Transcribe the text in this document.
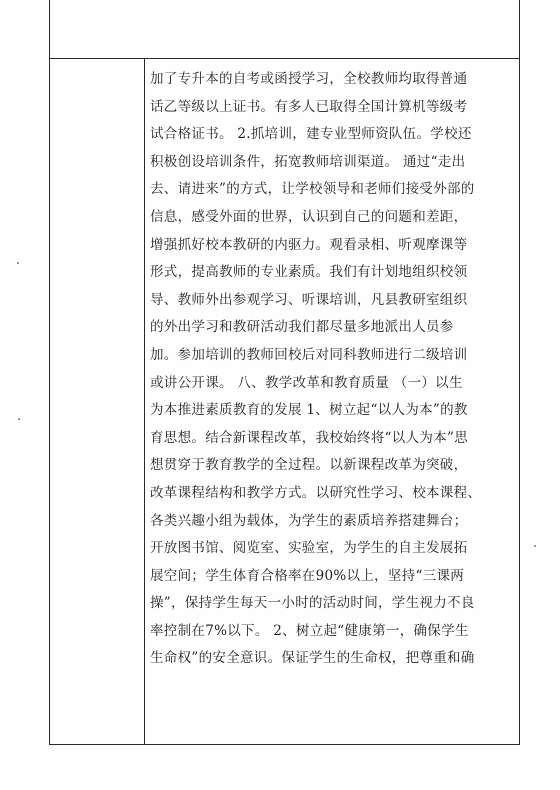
加了专升本的自考或函授学习，全校教师均取得普通
话乙等级以上证书。有多人已取得全国计算机等级考
试合格证书。 2.抓培训，建专业型师资队伍。学校还
积极创设培训条件，拓宽教师培训渠道。 通过“走出
去、请进来”的方式，让学校领导和老师们接受外部的
信息，感受外面的世界，认识到自己的问题和差距，
增强抓好校本教研的内驱力。观看录相、听观摩课等
形式，提高教师的专业素质。我们有计划地组织校领
导、教师外出参观学习、听课培训，凡县教研室组织
的外出学习和教研活动我们都尽量多地派出人员参
加。参加培训的教师回校后对同科教师进行二级培训
或讲公开课。 八、教学改革和教育质量 （一）以生
为本推进素质教育的发展 1、树立起“以人为本”的教
育思想。结合新课程改革，我校始终将“以人为本”思
想贯穿于教育教学的全过程。以新课程改革为突破，
改革课程结构和教学方式。以研究性学习、校本课程、
各类兴趣小组为载体，为学生的素质培养搭建舞台；
开放图书馆、阅览室、实验室，为学生的自主发展拓
展空间；学生体育合格率在90%以上，坚持“三课两
操”，保持学生每天一小时的活动时间，学生视力不良
率控制在7%以下。 2、树立起“健康第一，确保学生
生命权”的安全意识。保证学生的生命权，把尊重和确
